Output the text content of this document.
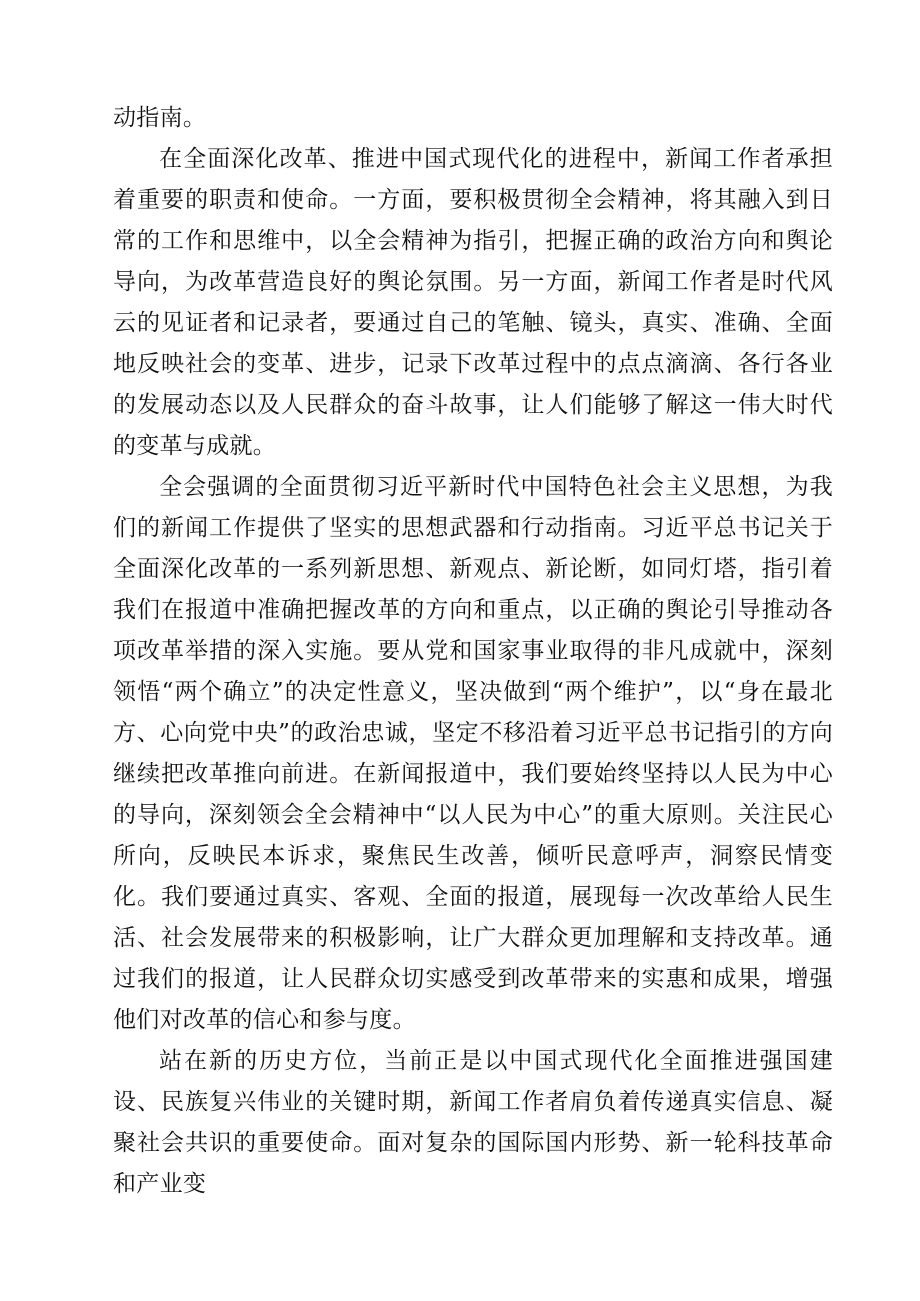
动指南。

在全面深化改革、推进中国式现代化的进程中，新闻工作者承担着重要的职责和使命。一方面，要积极贯彻全会精神，将其融入到日常的工作和思维中，以全会精神为指引，把握正确的政治方向和舆论导向，为改革营造良好的舆论氛围。另一方面，新闻工作者是时代风云的见证者和记录者，要通过自己的笔触、镜头，真实、准确、全面地反映社会的变革、进步，记录下改革过程中的点点滴滴、各行各业的发展动态以及人民群众的奋斗故事，让人们能够了解这一伟大时代的变革与成就。

全会强调的全面贯彻习近平新时代中国特色社会主义思想，为我们的新闻工作提供了坚实的思想武器和行动指南。习近平总书记关于全面深化改革的一系列新思想、新观点、新论断，如同灯塔，指引着我们在报道中准确把握改革的方向和重点，以正确的舆论引导推动各项改革举措的深入实施。要从党和国家事业取得的非凡成就中，深刻领悟“两个确立”的决定性意义，坚决做到“两个维护”，以“身在最北方、心向党中央”的政治忠诚，坚定不移沿着习近平总书记指引的方向继续把改革推向前进。在新闻报道中，我们要始终坚持以人民为中心的导向，深刻领会全会精神中“以人民为中心”的重大原则。关注民心所向，反映民本诉求，聚焦民生改善，倾听民意呼声，洞察民情变化。我们要通过真实、客观、全面的报道，展现每一次改革给人民生活、社会发展带来的积极影响，让广大群众更加理解和支持改革。通过我们的报道，让人民群众切实感受到改革带来的实惠和成果，增强他们对改革的信心和参与度。

站在新的历史方位，当前正是以中国式现代化全面推进强国建设、民族复兴伟业的关键时期，新闻工作者肩负着传递真实信息、凝聚社会共识的重要使命。面对复杂的国际国内形势、新一轮科技革命和产业变
